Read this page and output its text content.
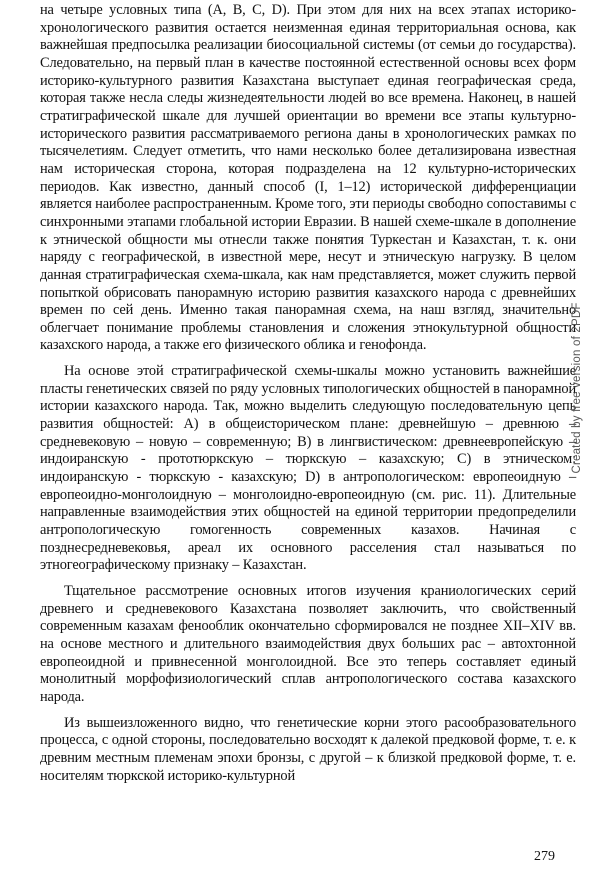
на четыре условных типа (A, B, C, D). При этом для них на всех этапах историко-хронологического развития остается неизменная единая территориальная основа, как важнейшая предпосылка реализации биосоциальной системы (от семьи до государства). Следовательно, на первый план в качестве постоянной естественной основы всех форм историко-культурного развития Казахстана выступает единая географическая среда, которая также несла следы жизнедеятельности людей во все времена. Наконец, в нашей стратиграфической шкале для лучшей ориентации во времени все этапы культурно-исторического развития рассматриваемого региона даны в хронологических рамках по тысячелетиям. Следует отметить, что нами несколько более детализирована известная нам историческая сторона, которая подразделена на 12 культурно-исторических периодов. Как известно, данный способ (I, 1–12) исторической дифференциации является наиболее распространенным. Кроме того, эти периоды свободно сопоставимы с синхронными этапами глобальной истории Евразии. В нашей схеме-шкале в дополнение к этнической общности мы отнесли также понятия Туркестан и Казахстан, т. к. они наряду с географической, в известной мере, несут и этническую нагрузку. В целом данная стратиграфическая схема-шкала, как нам представляется, может служить первой попыткой обрисовать панорамную историю развития казахского народа с древнейших времен по сей день. Именно такая панорамная схема, на наш взгляд, значительно облегчает понимание проблемы становления и сложения этнокультурной общности казахского народа, а также его физического облика и генофонда.

На основе этой стратиграфической схемы-шкалы можно установить важнейшие пласты генетических связей по ряду условных типологических общностей в панорамной истории казахского народа. Так, можно выделить следующую последовательную цепь развития общностей: А) в общеисторическом плане: древнейшую – древнюю – средневековую – новую – современную; В) в лингвистическом: древнеевропейскую – индоиранскую - прототюркскую – тюркскую – казахскую; С) в этническом: индоиранскую - тюркскую - казахскую; D) в антропологическом: европеоидную – европеоидно-монголоидную – монголоидно-европеоидную (см. рис. 11). Длительные направленные взаимодействия этих общностей на единой территории предопределили антропологическую гомогенность современных казахов. Начиная с позднесредневековья, ареал их основного расселения стал называться по этногеографическому признаку – Казахстан.

Тщательное рассмотрение основных итогов изучения краниологических серий древнего и средневекового Казахстана позволяет заключить, что свойственный современным казахам фенооблик окончательно сформировался не позднее XII–XIV вв. на основе местного и длительного взаимодействия двух больших рас – автохтонной европеоидной и привнесенной монголоидной. Все это теперь составляет единый монолитный морфофизиологический сплав антропологического состава казахского народа.

Из вышеизложенного видно, что генетические корни этого расообразовательного процесса, с одной стороны, последовательно восходят к далекой предковой форме, т. е. к древним местным племенам эпохи бронзы, с другой – к близкой предковой форме, т. е. носителям тюркской историко-культурной

279
Created by free version of 2PDF
